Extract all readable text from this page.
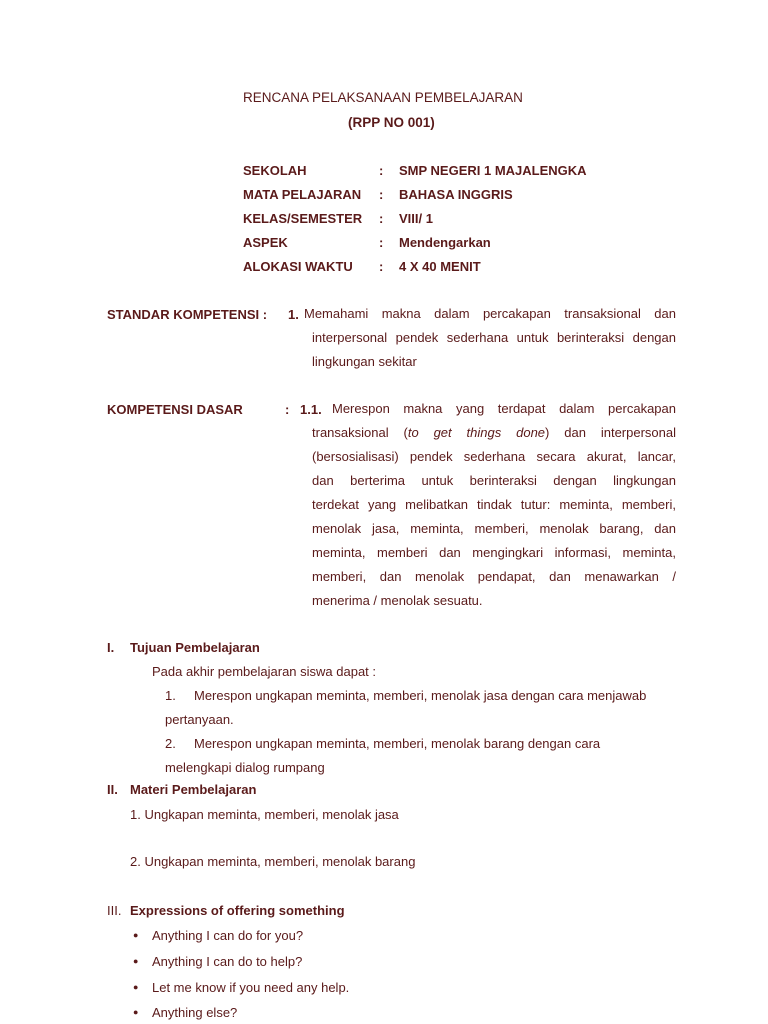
RENCANA PELAKSANAAN PEMBELAJARAN
(RPP NO 001)
SEKOLAH	: SMP NEGERI 1 MAJALENGKA
MATA PELAJARAN : BAHASA INGGRIS
KELAS/SEMESTER : VIII/ 1
ASPEK	: Mendengarkan
ALOKASI WAKTU : 4 X 40 MENIT
STANDAR KOMPETENSI : 1. Memahami makna dalam percakapan transaksional dan
interpersonal pendek sederhana untuk berinteraksi dengan
lingkungan sekitar
KOMPETENSI DASAR	: 1.1. Merespon makna yang terdapat dalam percakapan
transaksional (to get things done) dan interpersonal
(bersosialisasi) pendek sederhana secara akurat, lancar,
dan berterima untuk berinteraksi dengan lingkungan
terdekat yang melibatkan tindak tutur: meminta, memberi,
menolak jasa, meminta, memberi, menolak barang, dan
meminta, memberi dan mengingkari informasi, meminta,
memberi, dan menolak pendapat, dan menawarkan /
menerima / menolak sesuatu.
I. Tujuan Pembelajaran
Pada akhir pembelajaran siswa dapat :
1. Merespon ungkapan meminta, memberi, menolak jasa dengan cara menjawab
pertanyaan.
2. Merespon ungkapan meminta, memberi, menolak barang dengan cara
melengkapi dialog rumpang
II. Materi Pembelajaran
1. Ungkapan meminta, memberi, menolak jasa
2. Ungkapan meminta, memberi, menolak barang
III. Expressions of offering something
● Anything I can do for you?
● Anything I can do to help?
● Let me know if you need any help.
● Anything else?
